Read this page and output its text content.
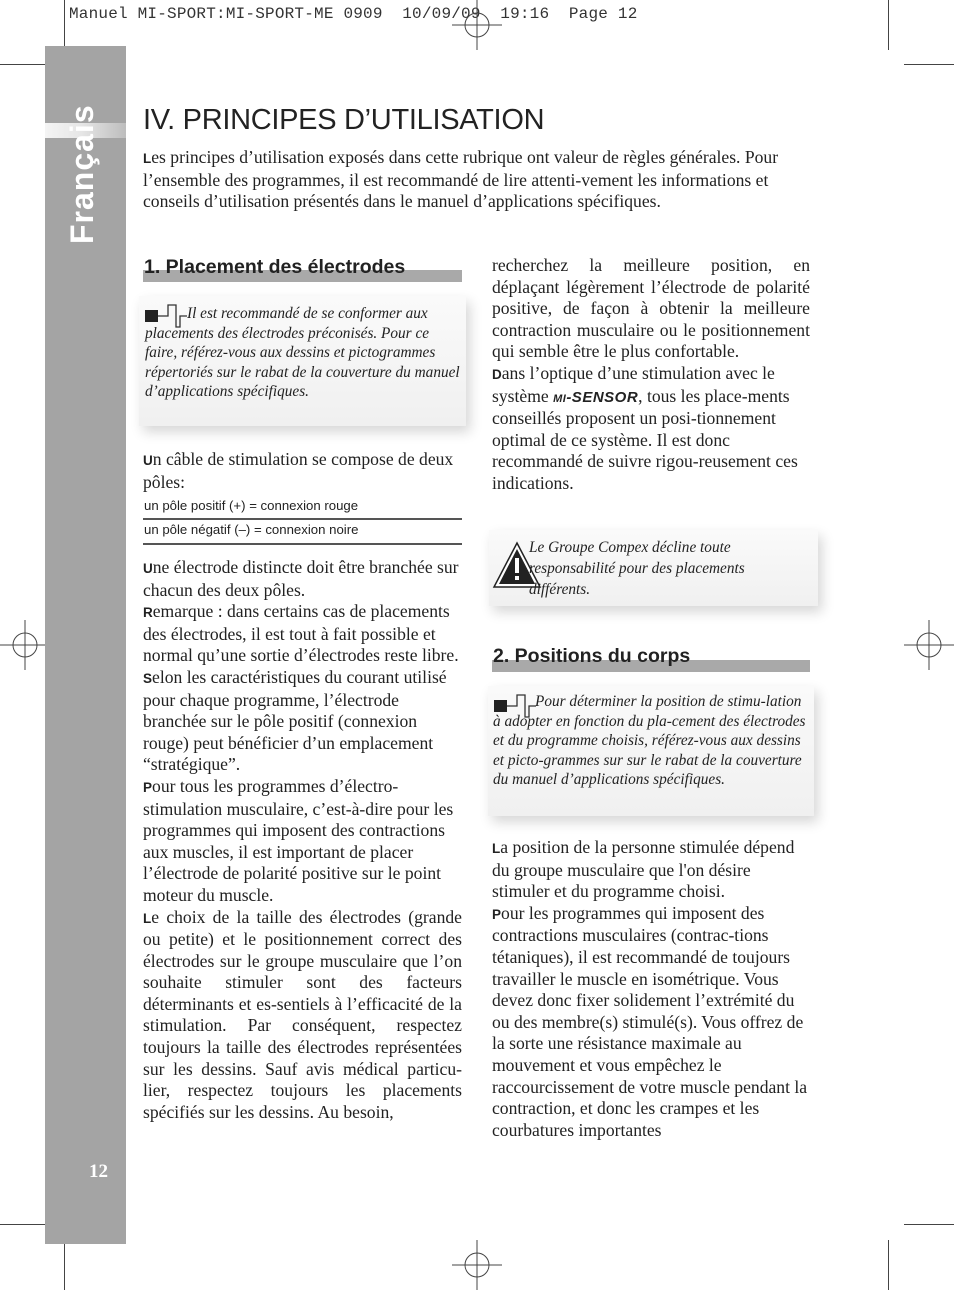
Manuel MI-SPORT:MI-SPORT-ME 0909  10/09/09  19:16  Page 12
Français
12
IV. PRINCIPES D’UTILISATION

Les principes d’utilisation exposés dans cette rubrique ont valeur de règles générales. Pour l’ensemble des programmes, il est recommandé de lire attenti-vement les informations et conseils d’utilisation présentés dans le manuel d’applications spécifiques.

1. Placement des électrodes

Il est recommandé de se conformer aux placements des électrodes préconisés. Pour ce faire, référez-vous aux dessins et pictogrammes répertoriés sur le rabat de la couverture du manuel d’applications spécifiques.

Un câble de stimulation se compose de deux pôles:

un pôle positif (+) = connexion rouge
un pôle négatif (–) = connexion noire

Une électrode distincte doit être branchée sur chacun des deux pôles.

Remarque : dans certains cas de placements des électrodes, il est tout à fait possible et normal qu’une sortie d’électrodes reste libre.

Selon les caractéristiques du courant utilisé pour chaque programme, l’électrode branchée sur le pôle positif (connexion rouge) peut bénéficier d’un emplacement “stratégique”.

Pour tous les programmes d’électro-stimulation musculaire, c’est-à-dire pour les programmes qui imposent des contractions aux muscles, il est important de placer l’électrode de polarité positive sur le point moteur du muscle.

Le choix de la taille des électrodes (grande ou petite) et le positionnement correct des électrodes sur le groupe musculaire que l’on souhaite stimuler sont des facteurs déterminants et es-sentiels à l’efficacité de la stimulation. Par conséquent, respectez toujours la taille des électrodes représentées sur les dessins. Sauf avis médical particu-lier, respectez toujours les placements spécifiés sur les dessins. Au besoin,

recherchez la meilleure position, en déplaçant légèrement l’électrode de polarité positive, de façon à obtenir la meilleure contraction musculaire ou le positionnement qui semble être le plus confortable.

Dans l’optique d’une stimulation avec le système mi-SENSOR, tous les place-ments conseillés proposent un posi-tionnement optimal de ce système. Il est donc recommandé de suivre rigou-reusement ces indications.

Le Groupe Compex décline toute responsabilité pour des placements différents.

2. Positions du corps

Pour déterminer la position de stimu-lation à adopter en fonction du pla-cement des électrodes et du programme choisis, référez-vous aux dessins et picto-grammes sur sur le rabat de la couverture du manuel d’applications spécifiques.

La position de la personne stimulée dépend du groupe musculaire que l'on désire stimuler et du programme choisi.

Pour les programmes qui imposent des contractions musculaires (contrac-tions tétaniques), il est recommandé de toujours travailler le muscle en isométrique. Vous devez donc fixer solidement l’extrémité du ou des membre(s) stimulé(s). Vous offrez de la sorte une résistance maximale au mouvement et vous empêchez le raccourcissement de votre muscle pendant la contraction, et donc les crampes et les courbatures importantes
